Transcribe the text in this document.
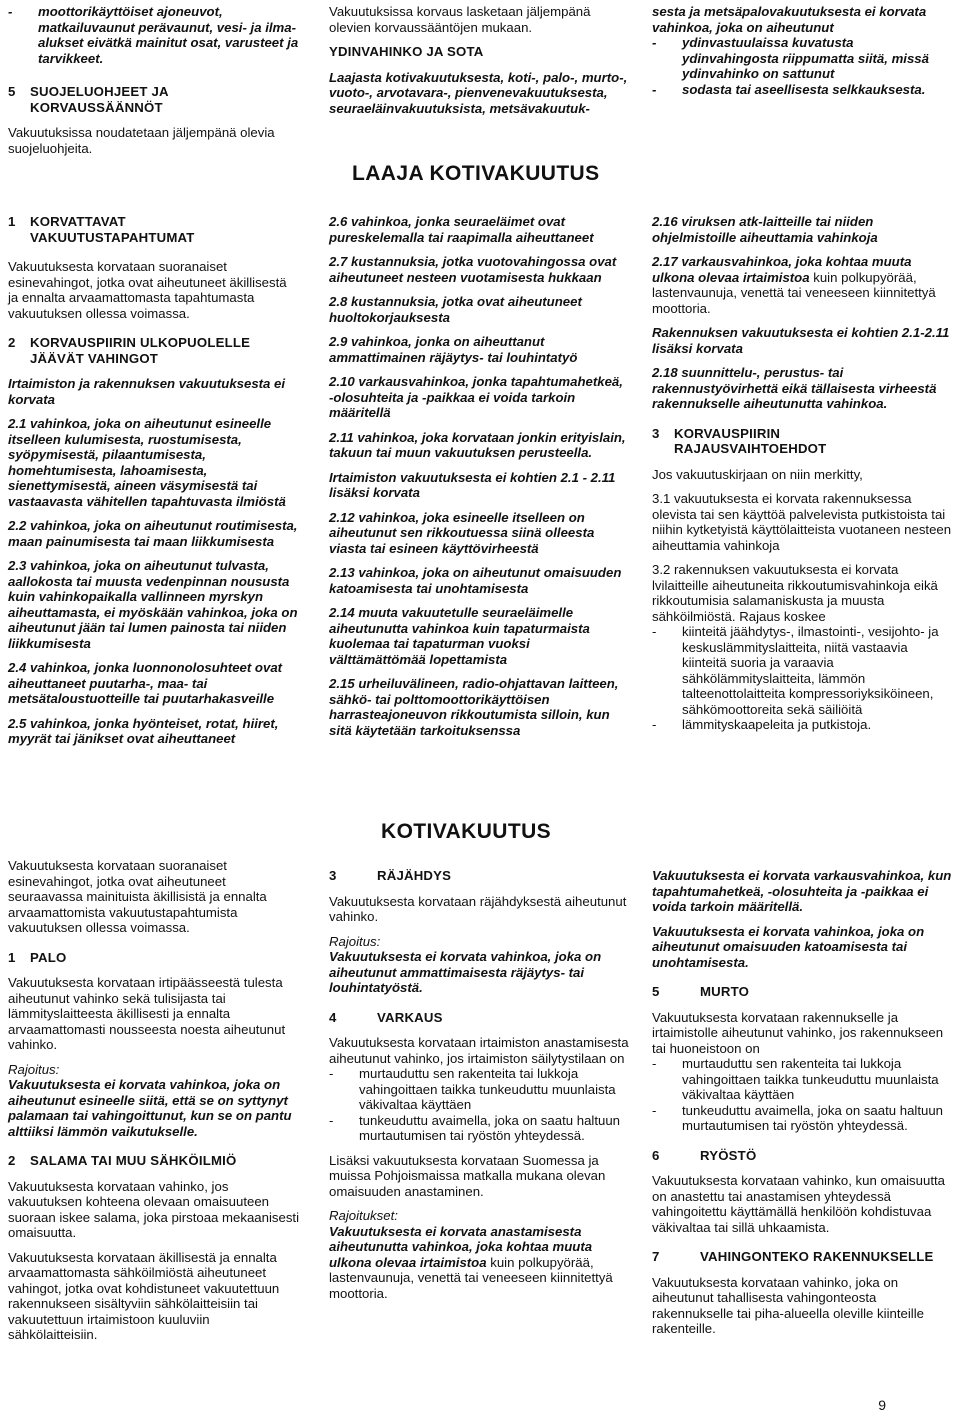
- moottorikäyttöiset ajoneuvot, matkailuvaunut perävaunut, vesi- ja ilma-alukset eivätkä mainitut osat, varusteet ja tarvikkeet.
5 SUOJELUOHJEET JA
KORVAUSSÄÄNNÖT

Vakuutuksissa noudatetaan jäljempänä olevia suojeluohjeita.

Vakuutuksissa korvaus lasketaan jäljempänä olevien korvaussääntöjen mukaan.

YDINVAHINKO JA SOTA

Laajasta kotivakuutuksesta, koti-, palo-, murto-, vuoto-, arvotavara-, pienvenevakuutuksesta, seuraeläinvakuutuksista, metsävakuutuk-

sesta ja metsäpalovakuutuksesta ei korvata vahinkoa, joka on aiheutunut

- ydinvastuulaissa kuvatusta ydinvahingosta riippumatta siitä, missä ydinvahinko on sattunut
- sodasta tai aseellisesta selkkauksesta.
LAAJA KOTIVAKUUTUS
1 KORVATTAVAT
VAKUUTUSTAPAHTUMAT

Vakuutuksesta korvataan suoranaiset esinevahingot, jotka ovat aiheutuneet äkillisestä ja ennalta arvaamattomasta tapahtumasta vakuutuksen ollessa voimassa.

2 KORVAUSPIIRIN ULKOPUOLELLE
JÄÄVÄT VAHINGOT

Irtaimiston ja rakennuksen vakuutuksesta ei korvata

2.1 vahinkoa, joka on aiheutunut esineelle itselleen kulumisesta, ruostumisesta, syöpymisestä, pilaantumisesta, homehtumisesta, lahoamisesta, sienettymisestä, aineen väsymisestä tai vastaavasta vähitellen tapahtuvasta ilmiöstä

2.2 vahinkoa, joka on aiheutunut routimisesta, maan painumisesta tai maan liikkumisesta

2.3 vahinkoa, joka on aiheutunut tulvasta, aallokosta tai muusta vedenpinnan noususta kuin vahinkopaikalla vallinneen myrskyn aiheuttamasta, ei myöskään vahinkoa, joka on aiheutunut jään tai lumen painosta tai niiden liikkumisesta

2.4 vahinkoa, jonka luonnonolosuhteet ovat aiheuttaneet puutarha-, maa- tai metsätaloustuotteille tai puutarhakasveille

2.5 vahinkoa, jonka hyönteiset, rotat, hiiret, myyrät tai jänikset ovat aiheuttaneet

2.6 vahinkoa, jonka seuraeläimet ovat pureskelemalla tai raapimalla aiheuttaneet

2.7 kustannuksia, jotka vuotovahingossa ovat aiheutuneet nesteen vuotamisesta hukkaan

2.8 kustannuksia, jotka ovat aiheutuneet huoltokorjauksesta

2.9 vahinkoa, jonka on aiheuttanut ammattimainen räjäytys- tai louhintatyö

2.10 varkausvahinkoa, jonka tapahtumahetkeä, -olosuhteita ja -paikkaa ei voida tarkoin määritellä

2.11 vahinkoa, joka korvataan jonkin erityislain, takuun tai muun vakuutuksen perusteella.

Irtaimiston vakuutuksesta ei kohtien 2.1 - 2.11 lisäksi korvata

2.12 vahinkoa, joka esineelle itselleen on aiheutunut sen rikkoutuessa siinä olleesta viasta tai esineen käyttövirheestä

2.13 vahinkoa, joka on aiheutunut omaisuuden katoamisesta tai unohtamisesta

2.14 muuta vakuutetulle seuraeläimelle aiheutunutta vahinkoa kuin tapaturmaista kuolemaa tai tapaturman vuoksi välttämättömää lopettamista

2.15 urheiluvälineen, radio-ohjattavan laitteen, sähkö- tai polttomoottorikäyttöisen harrasteajoneuvon rikkoutumista silloin, kun sitä käytetään tarkoituksenssa

2.16 viruksen atk-laitteille tai niiden ohjelmistoille aiheuttamia vahinkoja

2.17 varkausvahinkoa, joka kohtaa muuta ulkona olevaa irtaimistoa kuin polkupyörää, lastenvaunuja, venettä tai veneeseen kiinnitettyä moottoria.

Rakennuksen vakuutuksesta ei kohtien 2.1-2.11 lisäksi korvata

2.18 suunnittelu-, perustus- tai rakennustyövirhettä eikä tällaisesta virheestä rakennukselle aiheutunutta vahinkoa.

3 KORVAUSPIIRIN
RAJAUSVAIHTOEHDOT

Jos vakuutuskirjaan on niin merkitty,

3.1 vakuutuksesta ei korvata rakennuksessa olevista tai sen käyttöä palvelevista putkistoista tai niihin kytketyistä käyttölaitteista vuotaneen nesteen aiheuttamia vahinkoja

3.2 rakennuksen vakuutuksesta ei korvata lvilaitteille aiheutuneita rikkoutumisvahinkoja eikä rikkoutumisia salamaniskusta ja muusta sähköilmiöstä. Rajaus koskee

- kiinteitä jäähdytys-, ilmastointi-, vesijohto- ja keskuslämmityslaitteita, niitä vastaavia kiinteitä suoria ja varaavia sähkölämmityslaitteita, lämmön talteenottolaitteita kompressoriyksiköineen, sähkömoottoreita sekä säiliöitä
- lämmityskaapeleita ja putkistoja.
KOTIVAKUUTUS

Vakuutuksesta korvataan suoranaiset esinevahingot, jotka ovat aiheutuneet seuraavassa mainituista äkillisistä ja ennalta arvaamattomista vakuutustapahtumista vakuutuksen ollessa voimassa.

1 PALO

Vakuutuksesta korvataan irtipäässeestä tulesta aiheutunut vahinko sekä tulisijasta tai lämmityslaitteesta äkillisesti ja ennalta arvaamattomasti nousseesta noesta aiheutunut vahinko.

Rajoitus:

Vakuutuksesta ei korvata vahinkoa, joka on aiheutunut esineelle siitä, että se on syttynyt palamaan tai vahingoittunut, kun se on pantu alttiiksi lämmön vaikutukselle.

2 SALAMA TAI MUU SÄHKÖILMIÖ

Vakuutuksesta korvataan vahinko, jos vakuutuksen kohteena olevaan omaisuuteen suoraan iskee salama, joka pirstoaa mekaanisesti omaisuutta.

Vakuutuksesta korvataan äkillisestä ja ennalta arvaamattomasta sähköilmiöstä aiheutuneet vahingot, jotka ovat kohdistuneet vakuutettuun rakennukseen sisältyviin sähkölaitteisiin tai vakuutettuun irtaimistoon kuuluviin sähkölaitteisiin.

3	RÄJÄHDYS

Vakuutuksesta korvataan räjähdyksestä aiheutunut vahinko.

Rajoitus:

Vakuutuksesta ei korvata vahinkoa, joka on aiheutunut ammattimaisesta räjäytys- tai louhintatyöstä.

4	VARKAUS

Vakuutuksesta korvataan irtaimiston anastamisesta aiheutunut vahinko, jos irtaimiston säilytystilaan on

- murtauduttu sen rakenteita tai lukkoja vahingoittaen taikka tunkeuduttu muunlaista väkivaltaa käyttäen
- tunkeuduttu avaimella, joka on saatu haltuun murtautumisen tai ryöstön yhteydessä.

Lisäksi vakuutuksesta korvataan Suomessa ja muissa Pohjoismaissa matkalla mukana olevan omaisuuden anastaminen.

Rajoitukset:

Vakuutuksesta ei korvata anastamisesta aiheutunutta vahinkoa, joka kohtaa muuta ulkona olevaa irtaimistoa kuin polkupyörää, lastenvaunuja, venettä tai veneeseen kiinnitettyä moottoria.

Vakuutuksesta ei korvata varkausvahinkoa, kun tapahtumahetkeä, -olosuhteita ja -paikkaa ei voida tarkoin määritellä.

Vakuutuksesta ei korvata vahinkoa, joka on aiheutunut omaisuuden katoamisesta tai unohtamisesta.

5	MURTO

Vakuutuksesta korvataan rakennukselle ja irtaimistolle aiheutunut vahinko, jos rakennukseen tai huoneistoon on

- murtauduttu sen rakenteita tai lukkoja vahingoittaen taikka tunkeuduttu muunlaista väkivaltaa käyttäen
- tunkeuduttu avaimella, joka on saatu haltuun murtautumisen tai ryöstön yhteydessä.
6	RYÖSTÖ

Vakuutuksesta korvataan vahinko, kun omaisuutta on anastettu tai anastamisen yhteydessä vahingoitettu käyttämällä henkilöön kohdistuvaa väkivaltaa tai sillä uhkaamista.

7	VAHINGONTEKO RAKENNUKSELLE

Vakuutuksesta korvataan vahinko, joka on aiheutunut tahallisesta vahingonteosta rakennukselle tai piha-alueella oleville kiinteille rakenteille.

9
